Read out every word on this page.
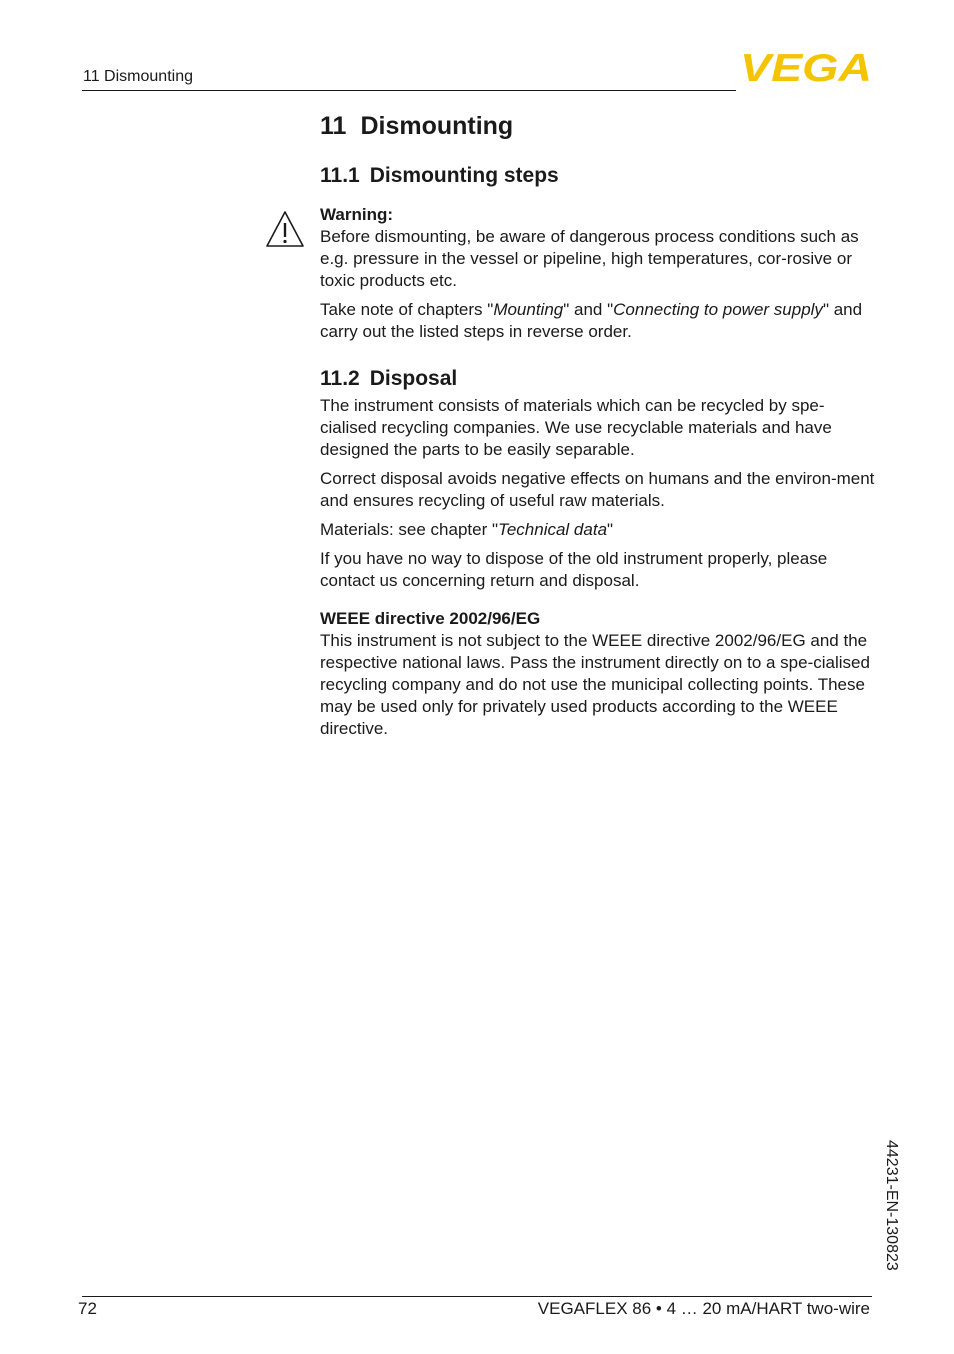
11 Dismounting	VEGA
11 Dismounting
11.1 Dismounting steps
Warning:

Before dismounting, be aware of dangerous process conditions such as e.g. pressure in the vessel or pipeline, high temperatures, cor-rosive or toxic products etc.

Take note of chapters "Mounting" and "Connecting to power supply" and carry out the listed steps in reverse order.

11.2 Disposal

The instrument consists of materials which can be recycled by spe-cialised recycling companies. We use recyclable materials and have designed the parts to be easily separable.

Correct disposal avoids negative effects on humans and the environ-ment and ensures recycling of useful raw materials.

Materials: see chapter "Technical data"

If you have no way to dispose of the old instrument properly, please contact us concerning return and disposal.

WEEE directive 2002/96/EG

This instrument is not subject to the WEEE directive 2002/96/EG and the respective national laws. Pass the instrument directly on to a spe-cialised recycling company and do not use the municipal collecting points. These may be used only for privately used products according to the WEEE directive.

44231-EN-130823
72	VEGAFLEX 86 • 4 … 20 mA/HART two-wire
